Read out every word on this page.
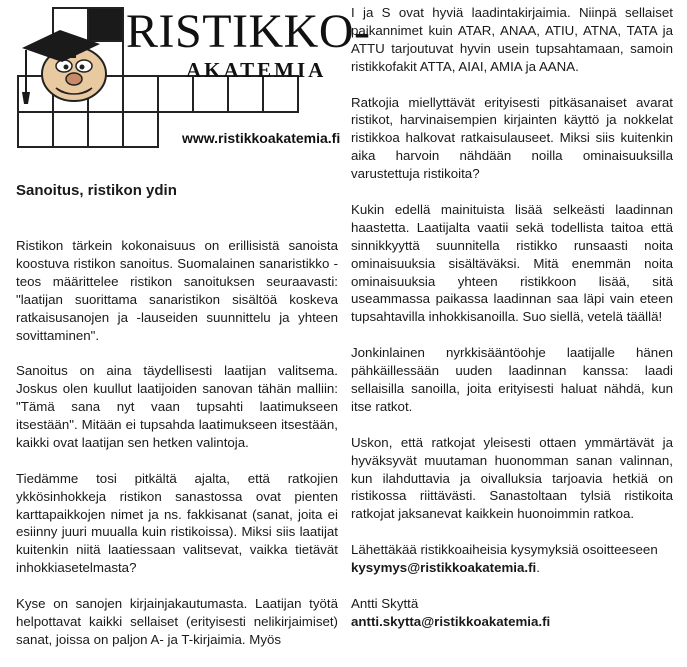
RISTIKKO-
AKATEMIA
www.ristikkoakatemia.fi
Sanoitus, ristikon ydin

Ristikon tärkein kokonaisuus on erillisistä sanoista koostuva ristikon sanoitus. Suomalainen sanaristikko -teos määrittelee ristikon sanoituksen seuraavasti: "laatijan suorittama sanaristikon sisältöä koskeva ratkaisusanojen ja -lauseiden suunnittelu ja yhteen sovittaminen".

Sanoitus on aina täydellisesti laatijan valitsema. Joskus olen kuullut laatijoiden sanovan tähän malliin: "Tämä sana nyt vaan tupsahti laatimukseen itsestään". Mitään ei tupsahda laatimukseen itsestään, kaikki ovat laatijan sen hetken valintoja.

Tiedämme tosi pitkältä ajalta, että ratkojien ykkösinhokkeja ristikon sanastossa ovat pienten karttapaikkojen nimet ja ns. fakkisanat (sanat, joita ei esiinny juuri muualla kuin ristikoissa). Miksi siis laatijat kuitenkin niitä laatiessaan valitsevat, vaikka tietävät inhokkiasetelmasta?

Kyse on sanojen kirjainjakautumasta. Laatijan työtä helpottavat kaikki sellaiset (erityisesti nelikirjaimiset) sanat, joissa on paljon A- ja T-kirjaimia. Myös

I ja S ovat hyviä laadintakirjaimia. Niinpä sellaiset paikannimet kuin ATAR, ANAA, ATIU, ATNA, TATA ja ATTU tarjoutuvat hyvin usein tupsahtamaan, samoin ristikkofakit ATTA, AIAI, AMIA ja AANA.

Ratkojia miellyttävät erityisesti pitkäsanaiset avarat ristikot, harvinaisempien kirjainten käyttö ja nokkelat ristikkoa halkovat ratkaisulauseet. Miksi siis kuitenkin aika harvoin nähdään noilla ominaisuuksilla varustettuja ristikoita?

Kukin edellä mainituista lisää selkeästi laadinnan haastetta. Laatijalta vaatii sekä todellista taitoa että sinnikkyyttä suunnitella ristikko runsaasti noita ominaisuuksia sisältäväksi. Mitä enemmän noita ominaisuuksia yhteen ristikkoon lisää, sitä useammassa paikassa laadinnan saa läpi vain eteen tupsahtavilla inhokkisanoilla. Suo siellä, vetelä täällä!

Jonkinlainen nyrkkisääntöohje laatijalle hänen pähkäillessään uuden laadinnan kanssa: laadi sellaisilla sanoilla, joita erityisesti haluat nähdä, kun itse ratkot.

Uskon, että ratkojat yleisesti ottaen ymmärtävät ja hyväksyvät muutaman huonomman sanan valinnan, kun ilahduttavia ja oivalluksia tarjoavia hetkiä on ristikossa riittävästi. Sanastoltaan tylsiä ristikoita ratkojat jaksanevat kaikkein huonoimmin ratkoa.

Lähettäkää ristikkoaiheisia kysymyksiä osoitteeseen

kysymys@ristikkoakatemia.fi.

Antti Skyttä

antti.skytta@ristikkoakatemia.fi
